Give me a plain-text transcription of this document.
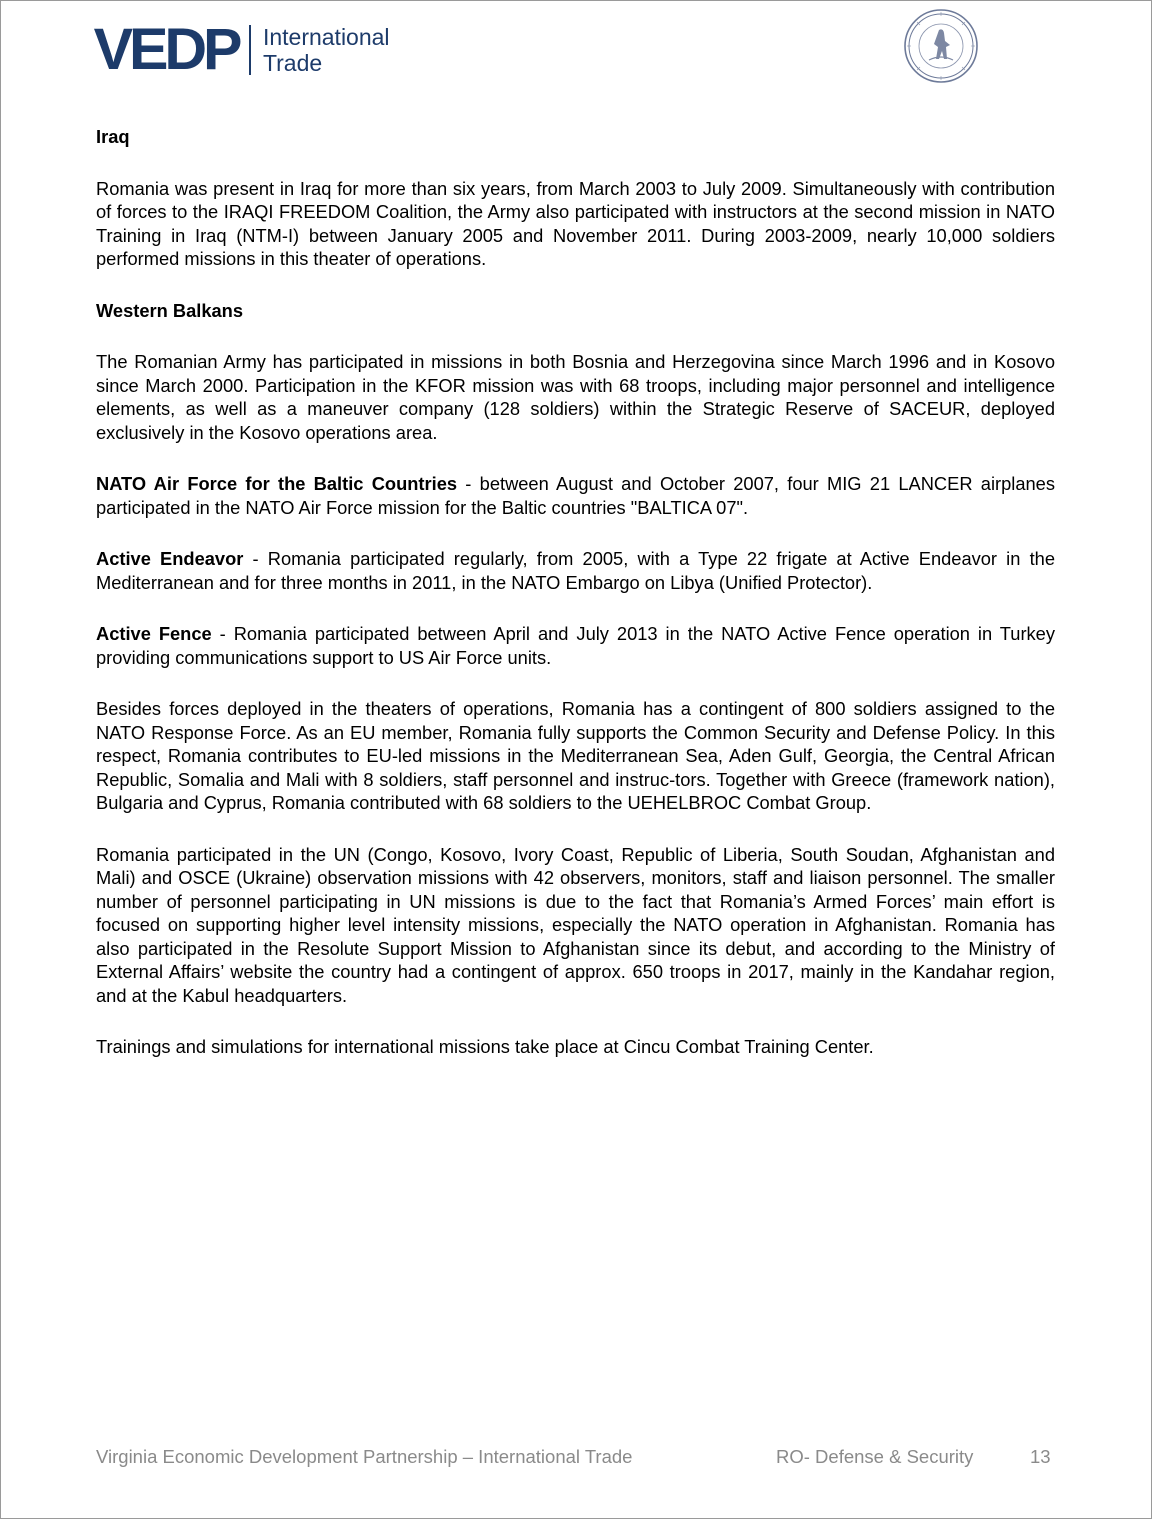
VEDP International
Trade

Iraq

Romania was present in Iraq for more than six years, from March 2003 to July 2009. Simultaneously with contribution of forces to the IRAQI FREEDOM Coalition, the Army also participated with instructors at the second mission in NATO Training in Iraq (NTM-I) between January 2005 and November 2011. During 2003-2009, nearly 10,000 soldiers performed missions in this theater of operations.

Western Balkans

The Romanian Army has participated in missions in both Bosnia and Herzegovina since March 1996 and in Kosovo since March 2000. Participation in the KFOR mission was with 68 troops, including major personnel and intelligence elements, as well as a maneuver company (128 soldiers) within the Strategic Reserve of SACEUR, deployed exclusively in the Kosovo operations area.

NATO Air Force for the Baltic Countries - between August and October 2007, four MIG 21 LANCER airplanes participated in the NATO Air Force mission for the Baltic countries "BALTICA 07".

Active Endeavor - Romania participated regularly, from 2005, with a Type 22 frigate at Active Endeavor in the Mediterranean and for three months in 2011, in the NATO Embargo on Libya (Unified Protector).

Active Fence - Romania participated between April and July 2013 in the NATO Active Fence operation in Turkey providing communications support to US Air Force units.

Besides forces deployed in the theaters of operations, Romania has a contingent of 800 soldiers assigned to the NATO Response Force. As an EU member, Romania fully supports the Common Security and Defense Policy. In this respect, Romania contributes to EU-led missions in the Mediterranean Sea, Aden Gulf, Georgia, the Central African Republic, Somalia and Mali with 8 soldiers, staff personnel and instruc-tors. Together with Greece (framework nation), Bulgaria and Cyprus, Romania contributed with 68 soldiers to the UEHELBROC Combat Group.

Romania participated in the UN (Congo, Kosovo, Ivory Coast, Republic of Liberia, South Soudan, Afghanistan and Mali) and OSCE (Ukraine) observation missions with 42 observers, monitors, staff and liaison personnel. The smaller number of personnel participating in UN missions is due to the fact that Romania’s Armed Forces’ main effort is focused on supporting higher level intensity missions, especially the NATO operation in Afghanistan. Romania has also participated in the Resolute Support Mission to Afghanistan since its debut, and according to the Ministry of External Affairs’ website the country had a contingent of approx. 650 troops in 2017, mainly in the Kandahar region, and at the Kabul headquarters.

Trainings and simulations for international missions take place at Cincu Combat Training Center.

Virginia Economic Development Partnership – International Trade	RO- Defense & Security	13
